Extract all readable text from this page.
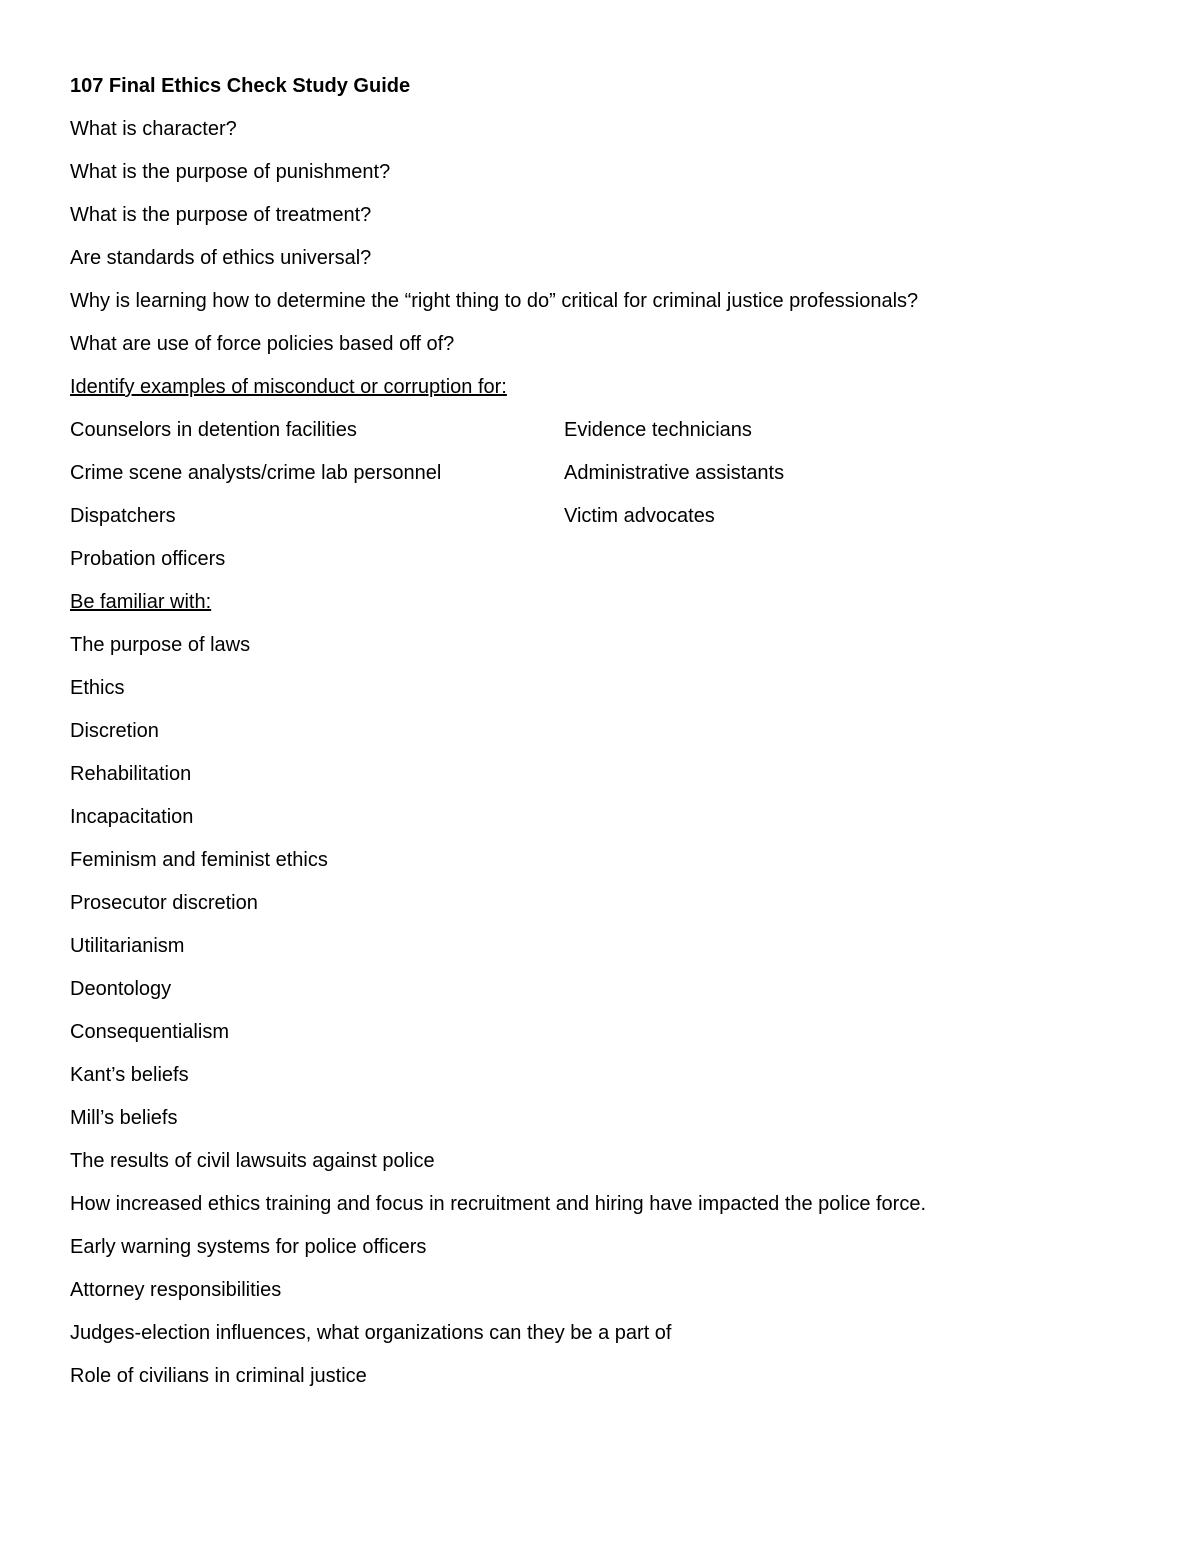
107 Final Ethics Check Study Guide
What is character?
What is the purpose of punishment?
What is the purpose of treatment?
Are standards of ethics universal?
Why is learning how to determine the “right thing to do” critical for criminal justice professionals?
What are use of force policies based off of?
Identify examples of misconduct or corruption for:
Counselors in detention facilities	Evidence technicians
Crime scene analysts/crime lab personnel	Administrative assistants
Dispatchers	Victim advocates
Probation officers
Be familiar with:
The purpose of laws
Ethics
Discretion
Rehabilitation
Incapacitation
Feminism and feminist ethics
Prosecutor discretion
Utilitarianism
Deontology
Consequentialism
Kant’s beliefs
Mill’s beliefs
The results of civil lawsuits against police
How increased ethics training and focus in recruitment and hiring have impacted the police force.
Early warning systems for police officers
Attorney responsibilities
Judges-election influences, what organizations can they be a part of
Role of civilians in criminal justice
